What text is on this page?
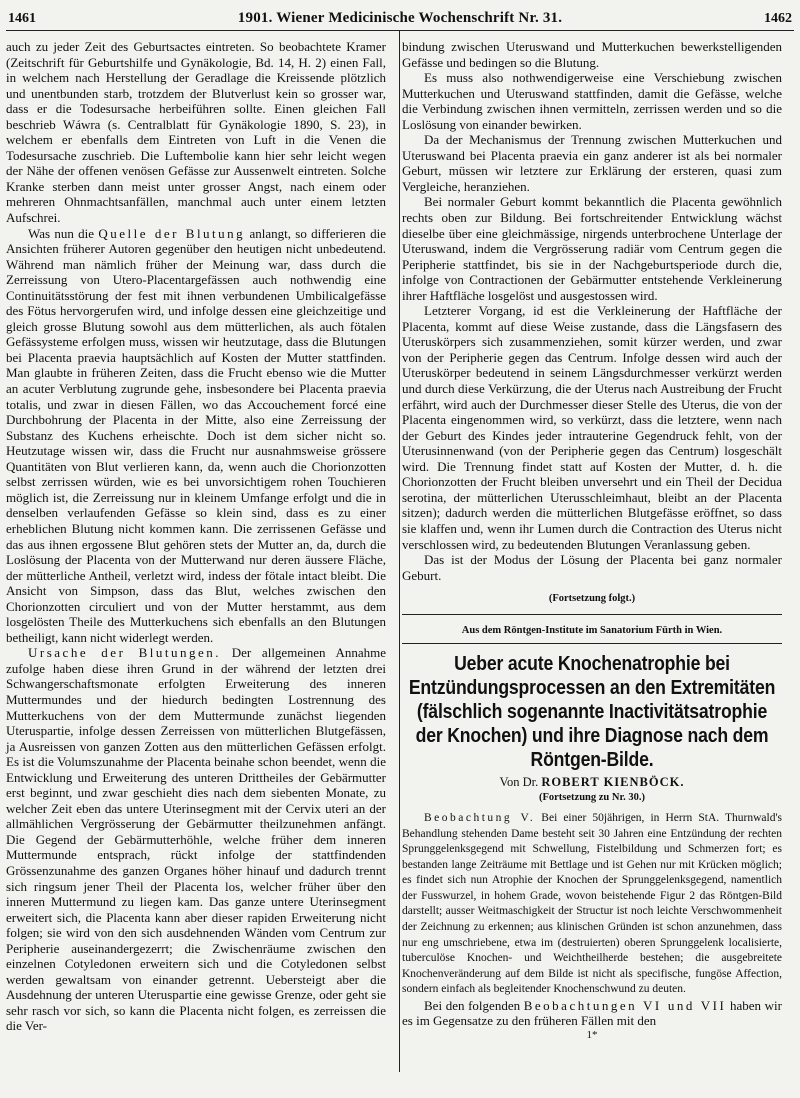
1461	1901. Wiener Medicinische Wochenschrift Nr. 31.	1462

auch zu jeder Zeit des Geburtsactes eintreten. So beobachtete Kramer (Zeitschrift für Geburtshilfe und Gynäkologie, Bd. 14, H. 2) einen Fall, in welchem nach Herstellung der Geradlage die Kreissende plötzlich und unentbunden starb, trotzdem der Blutverlust kein so grosser war, dass er die Todesursache herbeiführen sollte. Einen gleichen Fall beschrieb Wáwra (s. Centralblatt für Gynäkologie 1890, S. 23), in welchem er ebenfalls dem Eintreten von Luft in die Venen die Todesursache zuschrieb. Die Luftembolie kann hier sehr leicht wegen der Nähe der offenen venösen Gefässe zur Aussenwelt eintreten. Solche Kranke sterben dann meist unter grosser Angst, nach einem oder mehreren Ohnmachtsanfällen, manchmal auch unter einem letzten Aufschrei.

Was nun die Quelle der Blutung anlangt, so differieren die Ansichten früherer Autoren gegenüber den heutigen nicht unbedeutend. Während man nämlich früher der Meinung war, dass durch die Zerreissung von Utero-Placentargefässen auch nothwendig eine Continuitätsstörung der fest mit ihnen verbundenen Umbilicalgefässe des Fötus hervorgerufen wird, und infolge dessen eine gleichzeitige und gleich grosse Blutung sowohl aus dem mütterlichen, als auch fötalen Gefässysteme erfolgen muss, wissen wir heutzutage, dass die Blutungen bei Placenta praevia hauptsächlich auf Kosten der Mutter stattfinden. Man glaubte in früheren Zeiten, dass die Frucht ebenso wie die Mutter an acuter Verblutung zugrunde gehe, insbesondere bei Placenta praevia totalis, und zwar in diesen Fällen, wo das Accouchement forcé eine Durchbohrung der Placenta in der Mitte, also eine Zerreissung der Substanz des Kuchens erheischte. Doch ist dem sicher nicht so. Heutzutage wissen wir, dass die Frucht nur ausnahmsweise grössere Quantitäten von Blut verlieren kann, da, wenn auch die Chorionzotten selbst zerrissen würden, wie es bei unvorsichtigem rohen Touchieren möglich ist, die Zerreissung nur in kleinem Umfange erfolgt und die in denselben verlaufenden Gefässe so klein sind, dass es zu einer erheblichen Blutung nicht kommen kann. Die zerrissenen Gefässe und das aus ihnen ergossene Blut gehören stets der Mutter an, da, durch die Loslösung der Placenta von der Mutterwand nur deren äussere Fläche, der mütterliche Antheil, verletzt wird, indess der fötale intact bleibt. Die Ansicht von Simpson, dass das Blut, welches zwischen den Chorionzotten circuliert und von der Mutter herstammt, aus dem losgelösten Theile des Mutterkuchens sich ebenfalls an den Blutungen betheiligt, kann nicht widerlegt werden.

Ursache der Blutungen. Der allgemeinen Annahme zufolge haben diese ihren Grund in der während der letzten drei Schwangerschaftsmonate erfolgten Erweiterung des inneren Muttermundes und der hiedurch bedingten Lostrennung des Mutterkuchens von der dem Muttermunde zunächst liegenden Uteruspartie, infolge dessen Zerreissen von mütterlichen Blutgefässen, ja Ausreissen von ganzen Zotten aus den mütterlichen Gefässen erfolgt. Es ist die Volumszunahme der Placenta beinahe schon beendet, wenn die Entwicklung und Erweiterung des unteren Drittheiles der Gebärmutter erst beginnt, und zwar geschieht dies nach dem siebenten Monate, zu welcher Zeit eben das untere Uterinsegment mit der Cervix uteri an der allmählichen Vergrösserung der Gebärmutter theilzunehmen anfängt. Die Gegend der Gebärmutterhöhle, welche früher dem inneren Muttermunde entsprach, rückt infolge der stattfindenden Grössenzunahme des ganzen Organes höher hinauf und dadurch trennt sich ringsum jener Theil der Placenta los, welcher früher über den inneren Muttermund zu liegen kam. Das ganze untere Uterinsegment erweitert sich, die Placenta kann aber dieser rapiden Erweiterung nicht folgen; sie wird von den sich ausdehnenden Wänden vom Centrum zur Peripherie auseinandergezerrt; die Zwischenräume zwischen den einzelnen Cotyledonen erweitern sich und die Cotyledonen selbst werden gewaltsam von einander getrennt. Uebersteigt aber die Ausdehnung der unteren Uteruspartie eine gewisse Grenze, oder geht sie sehr rasch vor sich, so kann die Placenta nicht folgen, es zerreissen die die Ver-

bindung zwischen Uteruswand und Mutterkuchen bewerkstelligenden Gefässe und bedingen so die Blutung.

Es muss also nothwendigerweise eine Verschiebung zwischen Mutterkuchen und Uteruswand stattfinden, damit die Gefässe, welche die Verbindung zwischen ihnen vermitteln, zerrissen werden und so die Loslösung von einander bewirken.

Da der Mechanismus der Trennung zwischen Mutterkuchen und Uteruswand bei Placenta praevia ein ganz anderer ist als bei normaler Geburt, müssen wir letztere zur Erklärung der ersteren, quasi zum Vergleiche, heranziehen.

Bei normaler Geburt kommt bekanntlich die Placenta gewöhnlich rechts oben zur Bildung. Bei fortschreitender Entwicklung wächst dieselbe über eine gleichmässige, nirgends unterbrochene Unterlage der Uteruswand, indem die Vergrösserung radiär vom Centrum gegen die Peripherie stattfindet, bis sie in der Nachgeburtsperiode durch die, infolge von Contractionen der Gebärmutter entstehende Verkleinerung ihrer Haftfläche losgelöst und ausgestossen wird.

Letzterer Vorgang, id est die Verkleinerung der Haftfläche der Placenta, kommt auf diese Weise zustande, dass die Längsfasern des Uteruskörpers sich zusammenziehen, somit kürzer werden, und zwar von der Peripherie gegen das Centrum. Infolge dessen wird auch der Uteruskörper bedeutend in seinem Längsdurchmesser verkürzt werden und durch diese Verkürzung, die der Uterus nach Austreibung der Frucht erfährt, wird auch der Durchmesser dieser Stelle des Uterus, die von der Placenta eingenommen wird, so verkürzt, dass die letztere, wenn nach der Geburt des Kindes jeder intrauterine Gegendruck fehlt, von der Uterusinnenwand (von der Peripherie gegen das Centrum) losgeschält wird. Die Trennung findet statt auf Kosten der Mutter, d. h. die Chorionzotten der Frucht bleiben unversehrt und ein Theil der Decidua serotina, der mütterlichen Uterusschleimhaut, bleibt an der Placenta sitzen); dadurch werden die mütterlichen Blutgefässe eröffnet, so dass sie klaffen und, wenn ihr Lumen durch die Contraction des Uterus nicht verschlossen wird, zu bedeutenden Blutungen Veranlassung geben.

Das ist der Modus der Lösung der Placenta bei ganz normaler Geburt.

(Fortsetzung folgt.)
Aus dem Röntgen-Institute im Sanatorium Fürth in Wien.
Ueber acute Knochenatrophie bei Entzündungsprocessen an den Extremitäten (fälschlich sogenannte Inactivitätsatrophie der Knochen) und ihre Diagnose nach dem Röntgen-Bilde.
Von Dr. ROBERT KIENBÖCK.
(Fortsetzung zu Nr. 30.)

Beobachtung V. Bei einer 50jährigen, in Herrn StA. Thurnwald's Behandlung stehenden Dame besteht seit 30 Jahren eine Entzündung der rechten Sprunggelenksgegend mit Schwellung, Fistelbildung und Schmerzen fort; es bestanden lange Zeiträume mit Bettlage und ist Gehen nur mit Krücken möglich; es findet sich nun Atrophie der Knochen der Sprunggelenksgegend, namentlich der Fusswurzel, in hohem Grade, wovon beistehende Figur 2 das Röntgen-Bild darstellt; ausser Weitmaschigkeit der Structur ist noch leichte Verschwommenheit der Zeichnung zu erkennen; aus klinischen Gründen ist schon anzunehmen, dass nur eng umschriebene, etwa im (destruierten) oberen Sprunggelenk localisierte, tuberculöse Knochen- und Weichtheilherde bestehen; die ausgebreitete Knochenveränderung auf dem Bilde ist nicht als specifische, fungöse Affection, sondern einfach als begleitender Knochenschwund zu deuten.

Bei den folgenden Beobachtungen VI und VII haben wir es im Gegensatze zu den früheren Fällen mit den

1*
